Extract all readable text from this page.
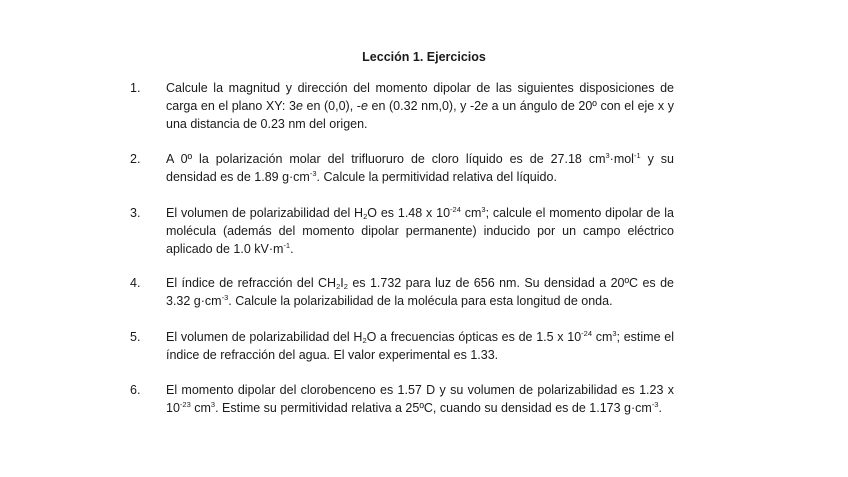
Lección 1. Ejercicios
1.	Calcule la magnitud y dirección del momento dipolar de las siguientes disposiciones de carga en el plano XY: 3e en (0,0), -e en (0.32 nm,0), y -2e a un ángulo de 20º con el eje x y una distancia de 0.23 nm del origen.
2.	A 0º la polarización molar del trifluoruro de cloro líquido es de 27.18 $cm^3\cdot mol^{-1}$ y su densidad es de 1.89 $g\cdot cm^{-3}$. Calcule la permitividad relativa del líquido.
3.	El volumen de polarizabilidad del $H_2O$ es 1.48 x $10^{-24}$ $cm^3$; calcule el momento dipolar de la molécula (además del momento dipolar permanente) inducido por un campo eléctrico aplicado de 1.0 $kV\cdot m^{-1}$.
4.	El índice de refracción del $CH_2I_2$ es 1.732 para luz de 656 nm. Su densidad a 20ºC es de 3.32 $g\cdot cm^{-3}$. Calcule la polarizabilidad de la molécula para esta longitud de onda.
5.	El volumen de polarizabilidad del $H_2O$ a frecuencias ópticas es de 1.5 x $10^{-24}$ $cm^3$; estime el índice de refracción del agua. El valor experimental es 1.33.
6.	El momento dipolar del clorobenceno es 1.57 D y su volumen de polarizabilidad es 1.23 x $10^{-23}$ $cm^3$. Estime su permitividad relativa a 25ºC, cuando su densidad es de 1.173 $g\cdot cm^{-3}$.
